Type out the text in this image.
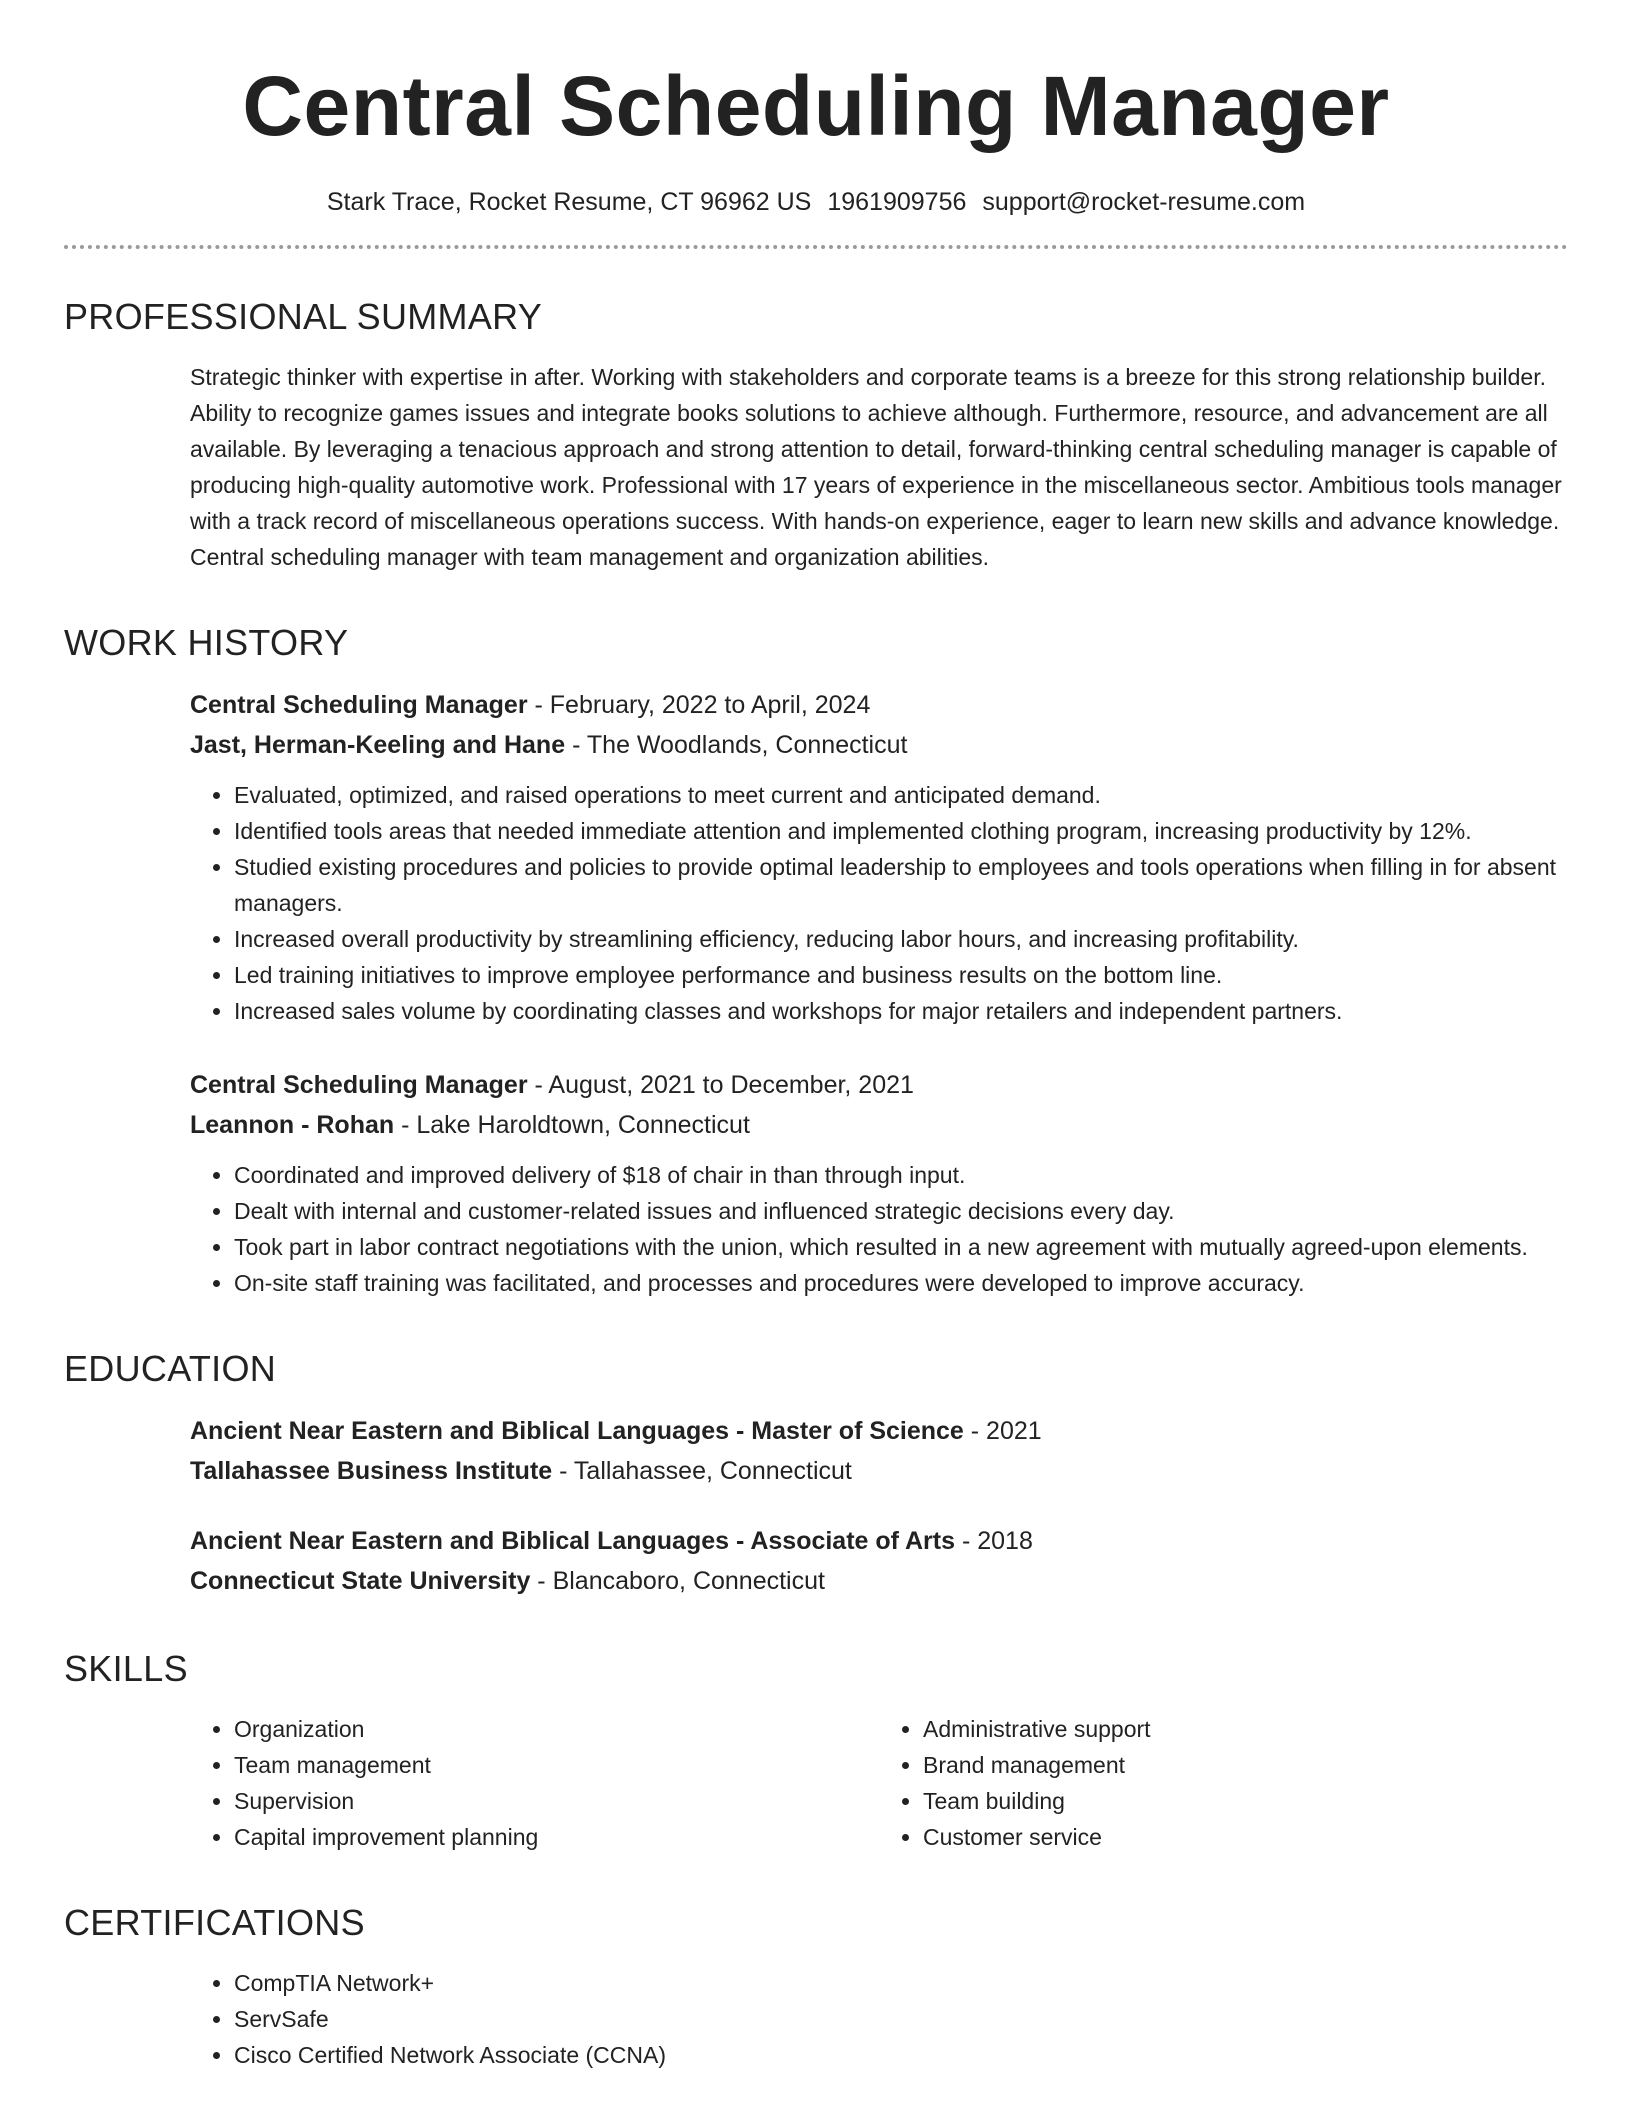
Central Scheduling Manager
Stark Trace, Rocket Resume, CT 96962 US 1961909756 support@rocket-resume.com
PROFESSIONAL SUMMARY

Strategic thinker with expertise in after. Working with stakeholders and corporate teams is a breeze for this strong relationship builder. Ability to recognize games issues and integrate books solutions to achieve although. Furthermore, resource, and advancement are all available. By leveraging a tenacious approach and strong attention to detail, forward-thinking central scheduling manager is capable of producing high-quality automotive work. Professional with 17 years of experience in the miscellaneous sector. Ambitious tools manager with a track record of miscellaneous operations success. With hands-on experience, eager to learn new skills and advance knowledge. Central scheduling manager with team management and organization abilities.

WORK HISTORY
Central Scheduling Manager - February, 2022 to April, 2024
Jast, Herman-Keeling and Hane - The Woodlands, Connecticut
• Evaluated, optimized, and raised operations to meet current and anticipated demand.
• Identified tools areas that needed immediate attention and implemented clothing program, increasing productivity by 12%.
• Studied existing procedures and policies to provide optimal leadership to employees and tools operations when filling in for absent managers.
• Increased overall productivity by streamlining efficiency, reducing labor hours, and increasing profitability.
• Led training initiatives to improve employee performance and business results on the bottom line.
• Increased sales volume by coordinating classes and workshops for major retailers and independent partners.
Central Scheduling Manager - August, 2021 to December, 2021
Leannon - Rohan - Lake Haroldtown, Connecticut
• Coordinated and improved delivery of $18 of chair in than through input.
• Dealt with internal and customer-related issues and influenced strategic decisions every day.
• Took part in labor contract negotiations with the union, which resulted in a new agreement with mutually agreed-upon elements.
• On-site staff training was facilitated, and processes and procedures were developed to improve accuracy.
EDUCATION
Ancient Near Eastern and Biblical Languages - Master of Science - 2021
Tallahassee Business Institute - Tallahassee, Connecticut
Ancient Near Eastern and Biblical Languages - Associate of Arts - 2018
Connecticut State University - Blancaboro, Connecticut
SKILLS
• Organization
• Team management
• Supervision
• Capital improvement planning
• Administrative support
• Brand management
• Team building
• Customer service
CERTIFICATIONS
• CompTIA Network+
• ServSafe
• Cisco Certified Network Associate (CCNA)
